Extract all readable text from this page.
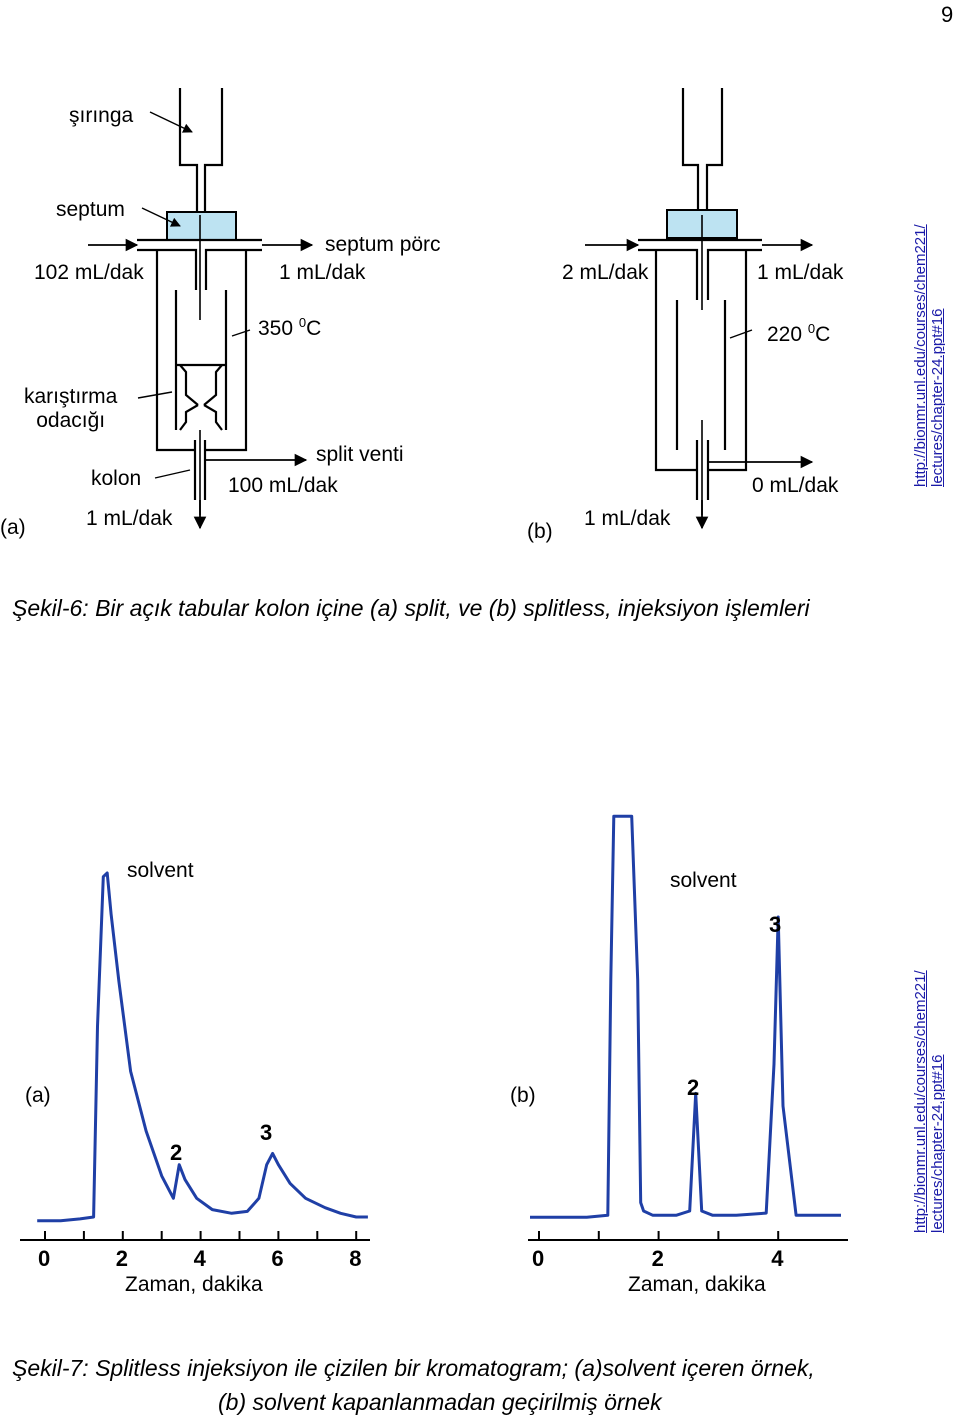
9
şırınga
septum
septum pörc
102 mL/dak	1 mL/dak
350 $^0$C
karıştırma
odacığı
split venti
100 mL/dak
kolon
1 mL/dak
(a)
2 mL/dak	1 mL/dak
220 $^0$C
0 mL/dak
1 mL/dak
(b)
http://bionmr.unl.edu/courses/chem221/ lectures/chapter-24.ppt#16
Şekil-6: Bir açık tabular kolon içine (a) split, ve (b) splitless, injeksiyon işlemleri
(a)
solvent
2
3
Zaman, dakika
0	2	4	6	8
(b)
solvent
2
3
Zaman, dakika
0	2	4
http://bionmr.unl.edu/courses/chem221/ lectures/chapter-24.ppt#16
Şekil-7: Splitless injeksiyon ile çizilen bir kromatogram; (a)solvent içeren örnek,
(b) solvent kapanlanmadan geçirilmiş örnek
